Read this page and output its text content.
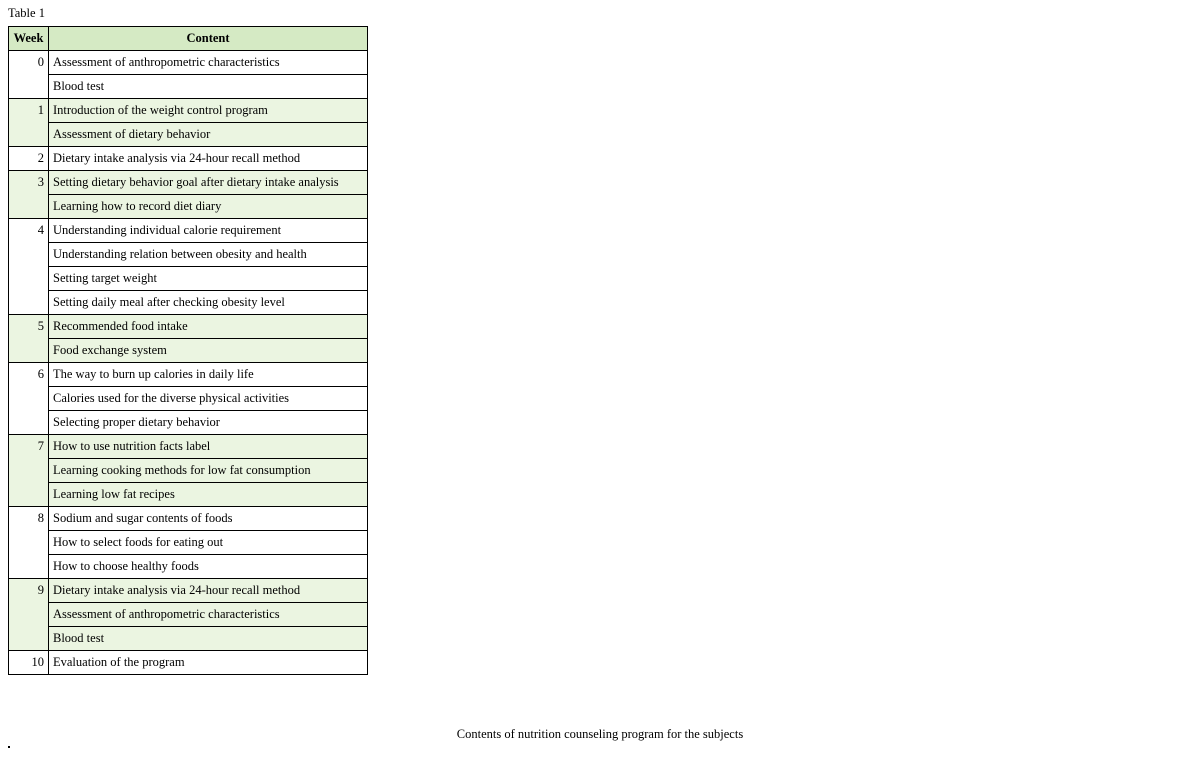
Table 1
Week	Content
0	Assessment of anthropometric characteristics
	Blood test
1	Introduction of the weight control program
	Assessment of dietary behavior
2	Dietary intake analysis via 24-hour recall method
3	Setting dietary behavior goal after dietary intake analysis
	Learning how to record diet diary
4	Understanding individual calorie requirement
	Understanding relation between obesity and health
	Setting target weight
	Setting daily meal after checking obesity level
5	Recommended food intake
	Food exchange system
6	The way to burn up calories in daily life
	Calories used for the diverse physical activities
	Selecting proper dietary behavior
7	How to use nutrition facts label
	Learning cooking methods for low fat consumption
	Learning low fat recipes
8	Sodium and sugar contents of foods
	How to select foods for eating out
	How to choose healthy foods
9	Dietary intake analysis via 24-hour recall method
	Assessment of anthropometric characteristics
	Blood test
10	Evaluation of the program
Contents of nutrition counseling program for the subjects
